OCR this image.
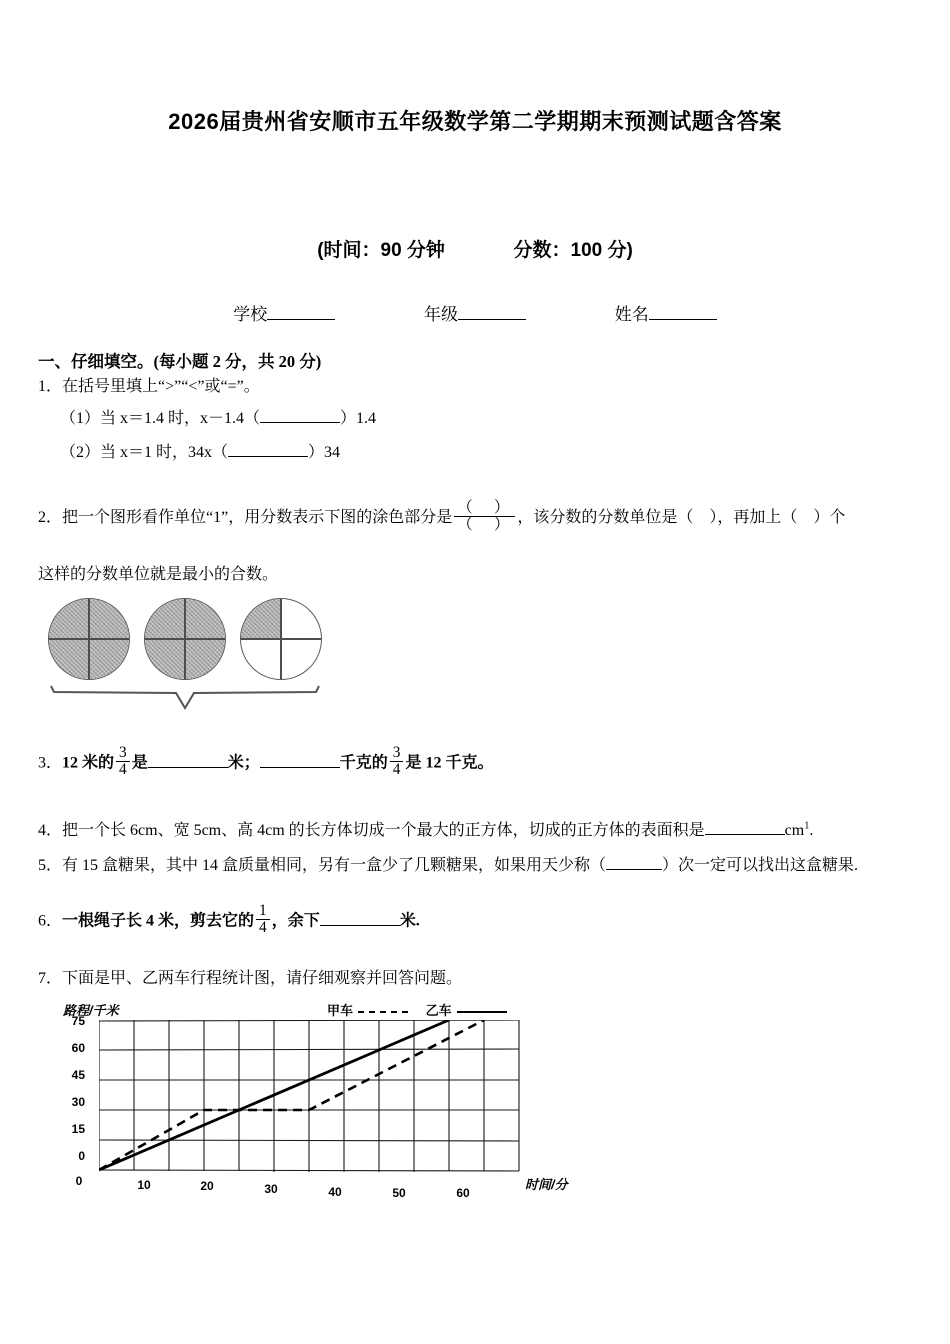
2026届贵州省安顺市五年级数学第二学期期末预测试题含答案
(时间：90 分钟	分数：100 分)
学校	年级	姓名
一、仔细填空。(每小题 2 分，共 20 分)
1．在括号里填上“>”“<”或“=”。
（1）当 x＝1.4 时，x－1.4（	）1.4
（2）当 x＝1 时，34x（	）34
2．把一个图形看作单位“1”，用分数表示下图的涂色部分是 $\frac{( )}{( )}$ ，该分数的分数单位是（　），再加上（　）个
这样的分数单位就是最小的合数。
3．12 米的 $\frac{3}{4}$ 是	米；	千克的 $\frac{3}{4}$ 是 12 千克。
4．把一个长 6cm、宽 5cm、高 4cm 的长方体切成一个最大的正方体，切成的正方体的表面积是	$cm^1$.
5．有 15 盒糖果，其中 14 盒质量相同，另有一盒少了几颗糖果，如果用天少称（	）次一定可以找出这盒糖果.
6．一根绳子长 4 米，剪去它的 $\frac{1}{4}$ ，余下	米.
7．下面是甲、乙两车行程统计图，请仔细观察并回答问题。
路程/千米	甲车	乙车
75
60
45
30
15
0
0	10	20	30	40	50	60
时间/分
